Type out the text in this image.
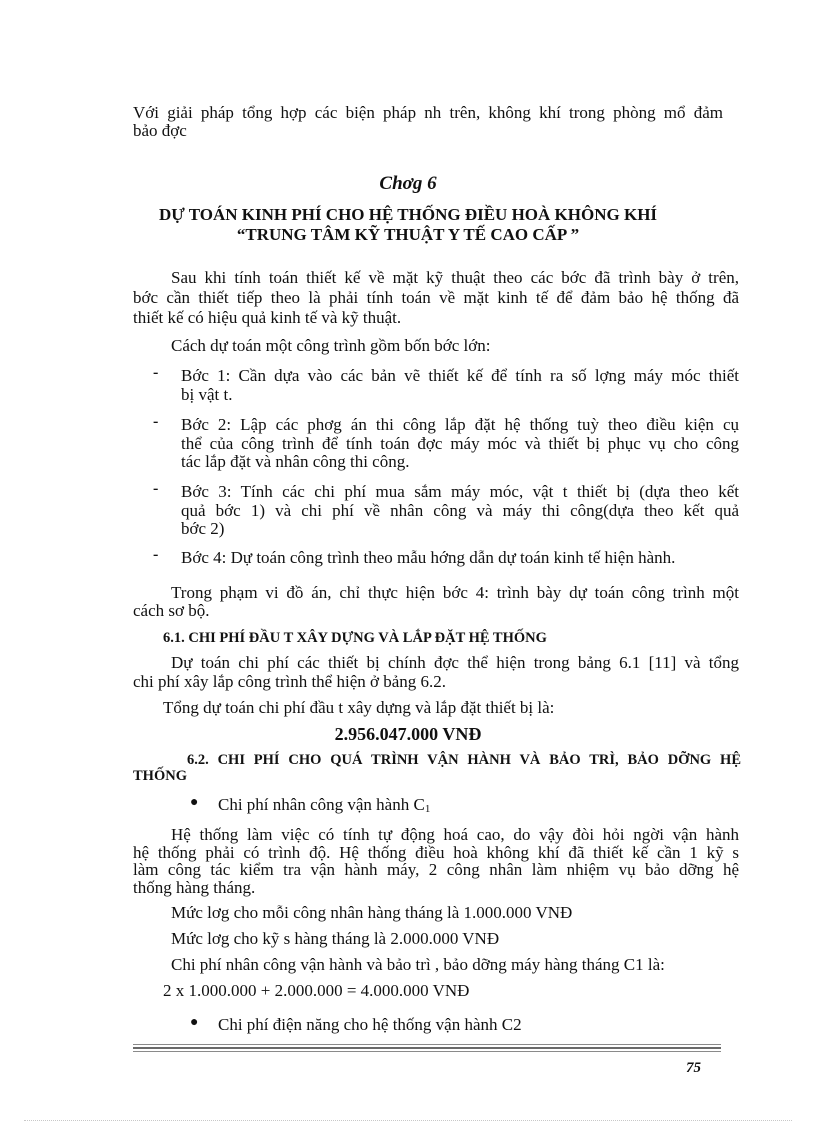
Với giải pháp tổng hợp các biện pháp nh trên, không khí trong phòng mổ đảm
bảo đợc
Chơg 6
DỰ TOÁN KINH PHÍ CHO HỆ THỐNG ĐIỀU HOÀ KHÔNG KHÍ
“TRUNG TÂM KỸ THUẬT Y TẾ CAO CẤP ”
Sau khi tính toán thiết kế về mặt kỹ thuật theo các bớc đã trình bày ở trên,
bớc cần thiết tiếp theo là phải tính toán về mặt kinh tế để đảm bảo hệ thống đã
thiết kế có hiệu quả kinh tế và kỹ thuật.
Cách dự toán một công trình gồm bốn bớc lớn:
- Bớc 1: Cần dựa vào các bản vẽ thiết kế để tính ra số lợng máy móc thiết
bị vật t.
- Bớc 2: Lập các phơg án thi công lắp đặt hệ thống tuỳ theo điều kiện cụ
thể của công trình để tính toán đợc máy móc và thiết bị phục vụ cho công
tác lắp đặt và nhân công thi công.
- Bớc 3: Tính các chi phí mua sắm máy móc, vật t thiết bị (dựa theo kết
quả bớc 1) và chi phí về nhân công và máy thi công(dựa theo kết quả
bớc 2)
- Bớc 4: Dự toán công trình theo mẫu hớng dẫn dự toán kinh tế hiện hành.
Trong phạm vi đồ án, chỉ thực hiện bớc 4: trình bày dự toán công trình một
cách sơ bộ.
6.1. CHI PHÍ ĐẦU T XÂY DỰNG VÀ LẮP ĐẶT HỆ THỐNG
Dự toán chi phí các thiết bị chính đợc thể hiện trong bảng 6.1 [11] và tổng
chi phí xây lắp công trình thể hiện ở bảng 6.2.
Tổng dự toán chi phí đầu t xây dựng và lắp đặt thiết bị là:
2.956.047.000 VNĐ
6.2. CHI PHÍ CHO QUÁ TRÌNH VẬN HÀNH VÀ BẢO TRÌ, BẢO DỠNG HỆ
THỐNG
● Chi phí nhân công vận hành $C_1$
Hệ thống làm việc có tính tự động hoá cao, do vậy đòi hỏi ngời vận hành
hệ thống phải có trình độ. Hệ thống điều hoà không khí đã thiết kế cần 1 kỹ s
làm công tác kiểm tra vận hành máy, 2 công nhân làm nhiệm vụ bảo dỡng hệ
thống hàng tháng.
Mức lơg cho mỗi công nhân hàng tháng là 1.000.000 VNĐ
Mức lơg cho kỹ s hàng tháng là 2.000.000 VNĐ
Chi phí nhân công vận hành và bảo trì , bảo dỡng máy hàng tháng C1 là:
2 x 1.000.000 + 2.000.000 = 4.000.000 VNĐ
● Chi phí điện năng cho hệ thống vận hành C2
75
